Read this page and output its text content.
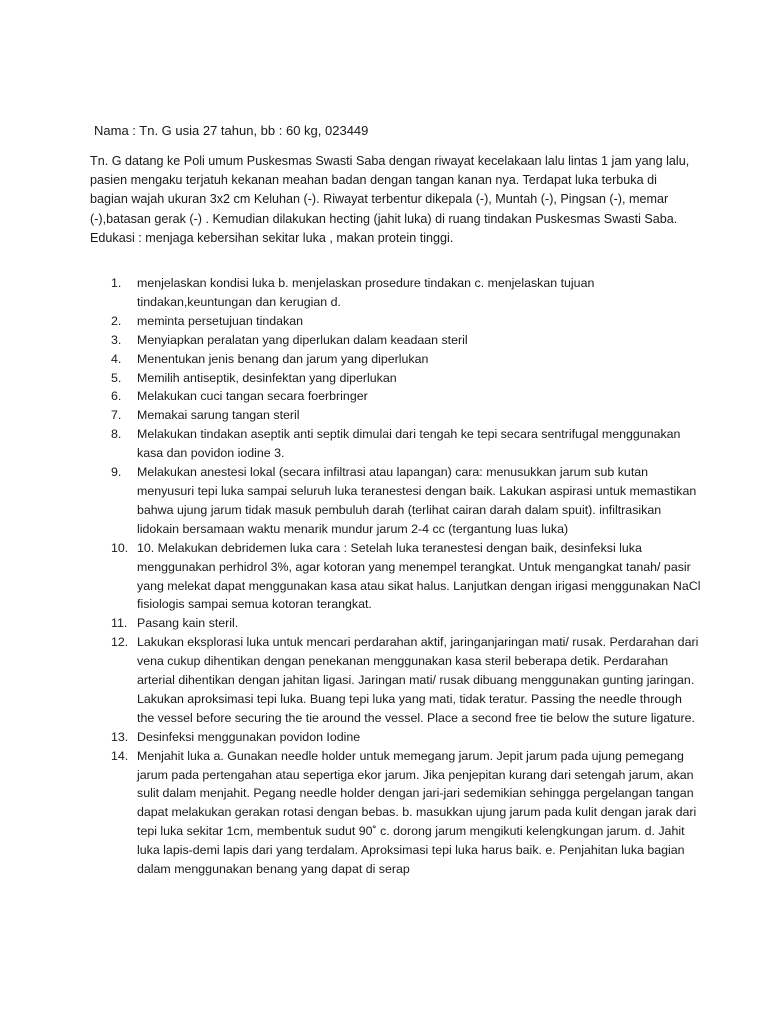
Nama : Tn. G usia 27 tahun, bb : 60 kg, 023449

Tn. G datang ke Poli umum Puskesmas Swasti Saba dengan riwayat kecelakaan lalu lintas 1 jam yang lalu, pasien mengaku terjatuh kekanan meahan badan dengan tangan kanan nya. Terdapat luka terbuka di bagian wajah ukuran 3x2 cm Keluhan (-). Riwayat terbentur dikepala (-), Muntah (-), Pingsan (-), memar (-),batasan gerak (-) . Kemudian dilakukan hecting (jahit luka) di ruang tindakan Puskesmas Swasti Saba. Edukasi : menjaga kebersihan sekitar luka , makan protein tinggi.

1. menjelaskan kondisi luka b. menjelaskan prosedure tindakan c. menjelaskan tujuan tindakan,keuntungan dan kerugian d.
2. meminta persetujuan tindakan
3. Menyiapkan peralatan yang diperlukan dalam keadaan steril
4. Menentukan jenis benang dan jarum yang diperlukan
5. Memilih antiseptik, desinfektan yang diperlukan
6. Melakukan cuci tangan secara foerbringer
7. Memakai sarung tangan steril
8. Melakukan tindakan aseptik anti septik dimulai dari tengah ke tepi secara sentrifugal menggunakan kasa dan povidon iodine 3.
9. Melakukan anestesi lokal (secara infiltrasi atau lapangan) cara: menusukkan jarum sub kutan menyusuri tepi luka sampai seluruh luka teranestesi dengan baik. Lakukan aspirasi untuk memastikan bahwa ujung jarum tidak masuk pembuluh darah (terlihat cairan darah dalam spuit). infiltrasikan lidokain bersamaan waktu menarik mundur jarum 2-4 cc (tergantung luas luka)
10. 10. Melakukan debridemen luka cara : Setelah luka teranestesi dengan baik, desinfeksi luka menggunakan perhidrol 3%, agar kotoran yang menempel terangkat. Untuk mengangkat tanah/ pasir yang melekat dapat menggunakan kasa atau sikat halus. Lanjutkan dengan irigasi menggunakan NaCl fisiologis sampai semua kotoran terangkat.
11. Pasang kain steril.
12. Lakukan eksplorasi luka untuk mencari perdarahan aktif, jaringanjaringan mati/ rusak. Perdarahan dari vena cukup dihentikan dengan penekanan menggunakan kasa steril beberapa detik. Perdarahan arterial dihentikan dengan jahitan ligasi. Jaringan mati/ rusak dibuang menggunakan gunting jaringan. Lakukan aproksimasi tepi luka. Buang tepi luka yang mati, tidak teratur. Passing the needle through the vessel before securing the tie around the vessel. Place a second free tie below the suture ligature.
13. Desinfeksi menggunakan povidon Iodine
14. Menjahit luka a. Gunakan needle holder untuk memegang jarum. Jepit jarum pada ujung pemegang jarum pada pertengahan atau sepertiga ekor jarum. Jika penjepitan kurang dari setengah jarum, akan sulit dalam menjahit. Pegang needle holder dengan jari-jari sedemikian sehingga pergelangan tangan dapat melakukan gerakan rotasi dengan bebas. b. masukkan ujung jarum pada kulit dengan jarak dari tepi luka sekitar 1cm, membentuk sudut 90˚ c. dorong jarum mengikuti kelengkungan jarum. d. Jahit luka lapis-demi lapis dari yang terdalam. Aproksimasi tepi luka harus baik. e. Penjahitan luka bagian dalam menggunakan benang yang dapat di serap
